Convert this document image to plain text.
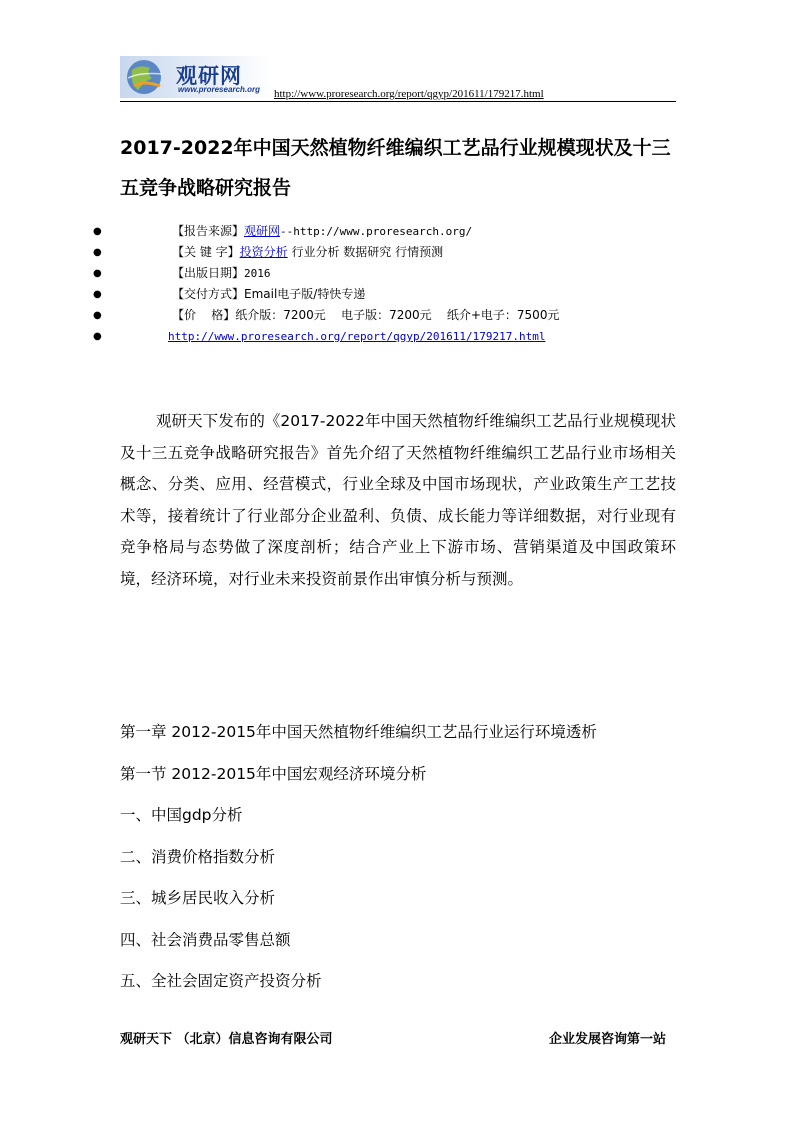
观研网
www.proresearch.org http://www.proresearch.org/report/qgyp/201611/179217.html
2017-2022年中国天然植物纤维编织工艺品行业规模现状及十三五竞争战略研究报告
●	【报告来源】观研网--http://www.proresearch.org/
●	【关 键 字】投资分析 行业分析 数据研究 行情预测
●	【出版日期】2016
●	【交付方式】Email电子版/特快专递
●	【价    格】纸介版：7200元    电子版：7200元    纸介+电子：7500元
●	http://www.proresearch.org/report/qgyp/201611/179217.html

观研天下发布的《2017-2022年中国天然植物纤维编织工艺品行业规模现状及十三五竞争战略研究报告》首先介绍了天然植物纤维编织工艺品行业市场相关概念、分类、应用、经营模式，行业全球及中国市场现状，产业政策生产工艺技术等，接着统计了行业部分企业盈利、负债、成长能力等详细数据，对行业现有竞争格局与态势做了深度剖析；结合产业上下游市场、营销渠道及中国政策环境，经济环境，对行业未来投资前景作出审慎分析与预测。

第一章 2012-2015年中国天然植物纤维编织工艺品行业运行环境透析
第一节 2012-2015年中国宏观经济环境分析
一、中国gdp分析
二、消费价格指数分析
三、城乡居民收入分析
四、社会消费品零售总额
五、全社会固定资产投资分析
观研天下 （北京）信息咨询有限公司	企业发展咨询第一站
